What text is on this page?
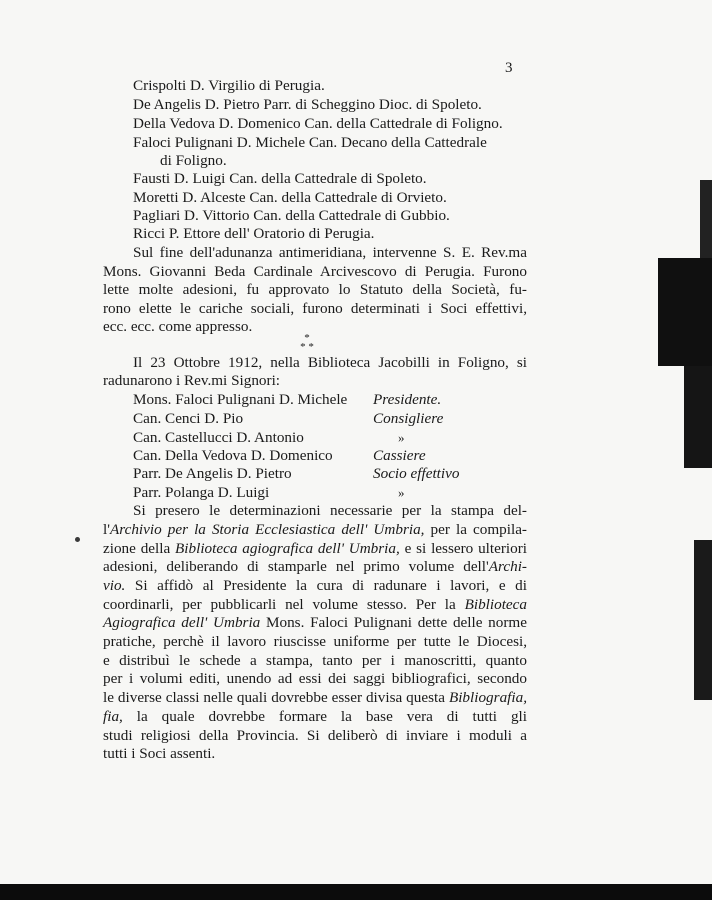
3
Crispolti D. Virgilio di Perugia.
De Angelis D. Pietro Parr. di Scheggino Dioc. di Spoleto.
Della Vedova D. Domenico Can. della Cattedrale di Foligno.
Faloci Pulignani D. Michele Can. Decano della Cattedrale
di Foligno.
Fausti D. Luigi Can. della Cattedrale di Spoleto.
Moretti D. Alceste Can. della Cattedrale di Orvieto.
Pagliari D. Vittorio Can. della Cattedrale di Gubbio.
Ricci P. Ettore dell' Oratorio di Perugia.
Sul fine dell'adunanza antimeridiana, intervenne S. E. Rev.ma
Mons. Giovanni Beda Cardinale Arcivescovo di Perugia. Furono
lette molte adesioni, fu approvato lo Statuto della Società, fu-
rono elette le cariche sociali, furono determinati i Soci effettivi,
ecc. ecc. come appresso.
*
* *
Il 23 Ottobre 1912, nella Biblioteca Jacobilli in Foligno, si
radunarono i Rev.mi Signori:
Mons. Faloci Pulignani D. Michele Presidente.
Can. Cenci D. Pio	Consigliere
Can. Castellucci D. Antonio	»
Can. Della Vedova D. Domenico	Cassiere
Parr. De Angelis D. Pietro	Socio effettivo
Parr. Polanga D. Luigi	»
Si presero le determinazioni necessarie per la stampa del-
l'Archivio per la Storia Ecclesiastica dell' Umbria, per la compila-
zione della Biblioteca agiografica dell' Umbria, e si lessero ulteriori
adesioni, deliberando di stamparle nel primo volume dell'Archi-
vio. Si affidò al Presidente la cura di radunare i lavori, e di
coordinarli, per pubblicarli nel volume stesso. Per la Biblioteca
Agiografica dell' Umbria Mons. Faloci Pulignani dette delle norme
pratiche, perchè il lavoro riuscisse uniforme per tutte le Diocesi,
e distribuì le schede a stampa, tanto per i manoscritti, quanto
per i volumi editi, unendo ad essi dei saggi bibliografici, secondo
le diverse classi nelle quali dovrebbe esser divisa questa Bibliografia,
fia, la quale dovrebbe formare la base vera di tutti gli
studi religiosi della Provincia. Si deliberò di inviare i moduli a
tutti i Soci assenti.
